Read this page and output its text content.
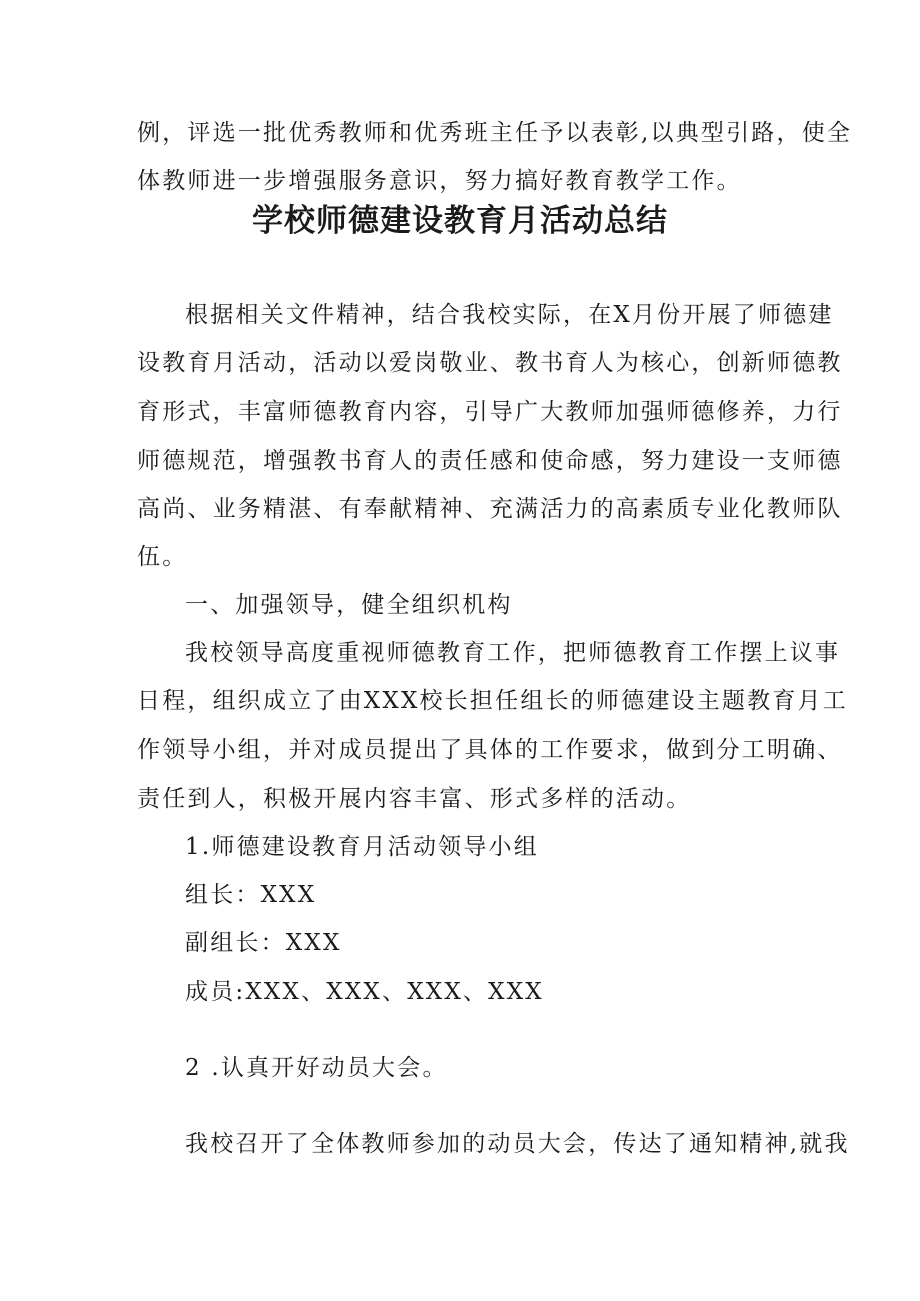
例，评选一批优秀教师和优秀班主任予以表彰,以典型引路，使全
体教师进一步增强服务意识，努力搞好教育教学工作。
学校师德建设教育月活动总结
根据相关文件精神，结合我校实际，在X月份开展了师德建
设教育月活动，活动以爱岗敬业、教书育人为核心，创新师德教
育形式，丰富师德教育内容，引导广大教师加强师德修养，力行
师德规范，增强教书育人的责任感和使命感，努力建设一支师德
高尚、业务精湛、有奉献精神、充满活力的高素质专业化教师队
伍。
一、加强领导，健全组织机构
我校领导高度重视师德教育工作，把师德教育工作摆上议事
日程，组织成立了由XXX校长担任组长的师德建设主题教育月工
作领导小组，并对成员提出了具体的工作要求，做到分工明确、
责任到人，积极开展内容丰富、形式多样的活动。
1.师德建设教育月活动领导小组
组长：XXX
副组长：XXX
成员:XXX、XXX、XXX、XXX
2 .认真开好动员大会。
我校召开了全体教师参加的动员大会，传达了通知精神,就我
